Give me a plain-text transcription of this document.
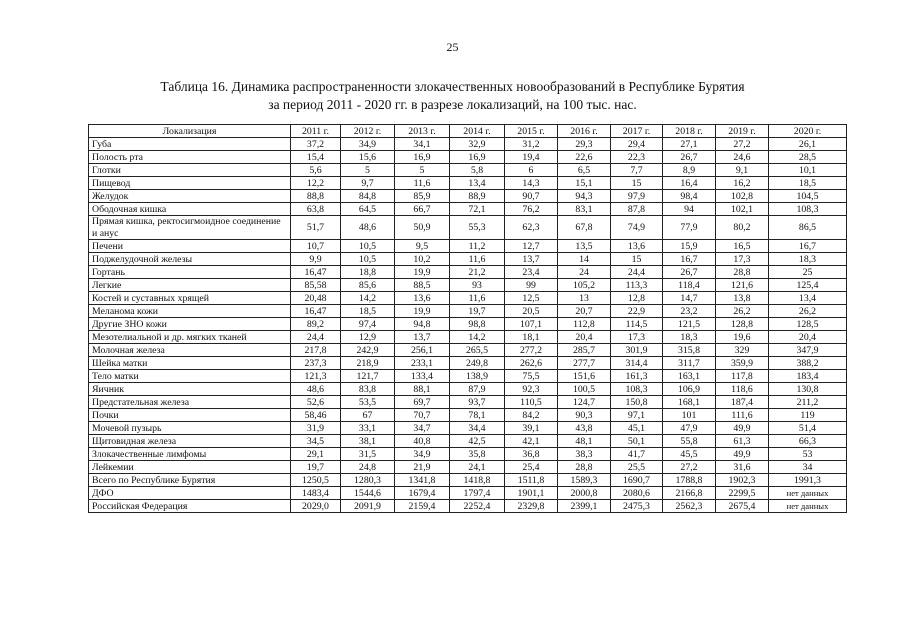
25
Таблица 16. Динамика распространенности злокачественных новообразований в Республике Бурятия
за период 2011 - 2020 гг. в разрезе локализаций, на 100 тыс. нас.
Локализация	2011 г.	2012 г.	2013 г.	2014 г.	2015 г.	2016 г.	2017 г.	2018 г.	2019 г.	2020 г.
Губа	37,2	34,9	34,1	32,9	31,2	29,3	29,4	27,1	27,2	26,1
Полость рта	15,4	15,6	16,9	16,9	19,4	22,6	22,3	26,7	24,6	28,5
Глотки	5,6	5	5	5,8	6	6,5	7,7	8,9	9,1	10,1
Пищевод	12,2	9,7	11,6	13,4	14,3	15,1	15	16,4	16,2	18,5
Желудок	88,8	84,8	85,9	88,9	90,7	94,3	97,9	98,4	102,8	104,5
Ободочная кишка	63,8	64,5	66,7	72,1	76,2	83,1	87,8	94	102,1	108,3
Прямая кишка, ректосигмоидное соединение и анус	51,7	48,6	50,9	55,3	62,3	67,8	74,9	77,9	80,2	86,5
Печени	10,7	10,5	9,5	11,2	12,7	13,5	13,6	15,9	16,5	16,7
Поджелудочной железы	9,9	10,5	10,2	11,6	13,7	14	15	16,7	17,3	18,3
Гортань	16,47	18,8	19,9	21,2	23,4	24	24,4	26,7	28,8	25
Легкие	85,58	85,6	88,5	93	99	105,2	113,3	118,4	121,6	125,4
Костей и суставных хрящей	20,48	14,2	13,6	11,6	12,5	13	12,8	14,7	13,8	13,4
Меланома кожи	16,47	18,5	19,9	19,7	20,5	20,7	22,9	23,2	26,2	26,2
Другие ЗНО кожи	89,2	97,4	94,8	98,8	107,1	112,8	114,5	121,5	128,8	128,5
Мезотелиальной и др. мягких тканей	24,4	12,9	13,7	14,2	18,1	20,4	17,3	18,3	19,6	20,4
Молочная железа	217,8	242,9	256,1	265,5	277,2	285,7	301,9	315,8	329	347,9
Шейка матки	237,3	218,9	233,1	249,8	262,6	277,7	314,4	311,7	359,9	388,2
Тело матки	121,3	121,7	133,4	138,9	75,5	151,6	161,3	163,1	117,8	183,4
Яичник	48,6	83,8	88,1	87,9	92,3	100,5	108,3	106,9	118,6	130,8
Предстательная железа	52,6	53,5	69,7	93,7	110,5	124,7	150,8	168,1	187,4	211,2
Почки	58,46	67	70,7	78,1	84,2	90,3	97,1	101	111,6	119
Мочевой пузырь	31,9	33,1	34,7	34,4	39,1	43,8	45,1	47,9	49,9	51,4
Щитовидная железа	34,5	38,1	40,8	42,5	42,1	48,1	50,1	55,8	61,3	66,3
Злокачественные лимфомы	29,1	31,5	34,9	35,8	36,8	38,3	41,7	45,5	49,9	53
Лейкемии	19,7	24,8	21,9	24,1	25,4	28,8	25,5	27,2	31,6	34
Всего по Республике Бурятия	1250,5	1280,3	1341,8	1418,8	1511,8	1589,3	1690,7	1788,8	1902,3	1991,3
ДФО	1483,4	1544,6	1679,4	1797,4	1901,1	2000,8	2080,6	2166,8	2299,5	нет данных
Российская Федерация	2029,0	2091,9	2159,4	2252,4	2329,8	2399,1	2475,3	2562,3	2675,4	нет данных
